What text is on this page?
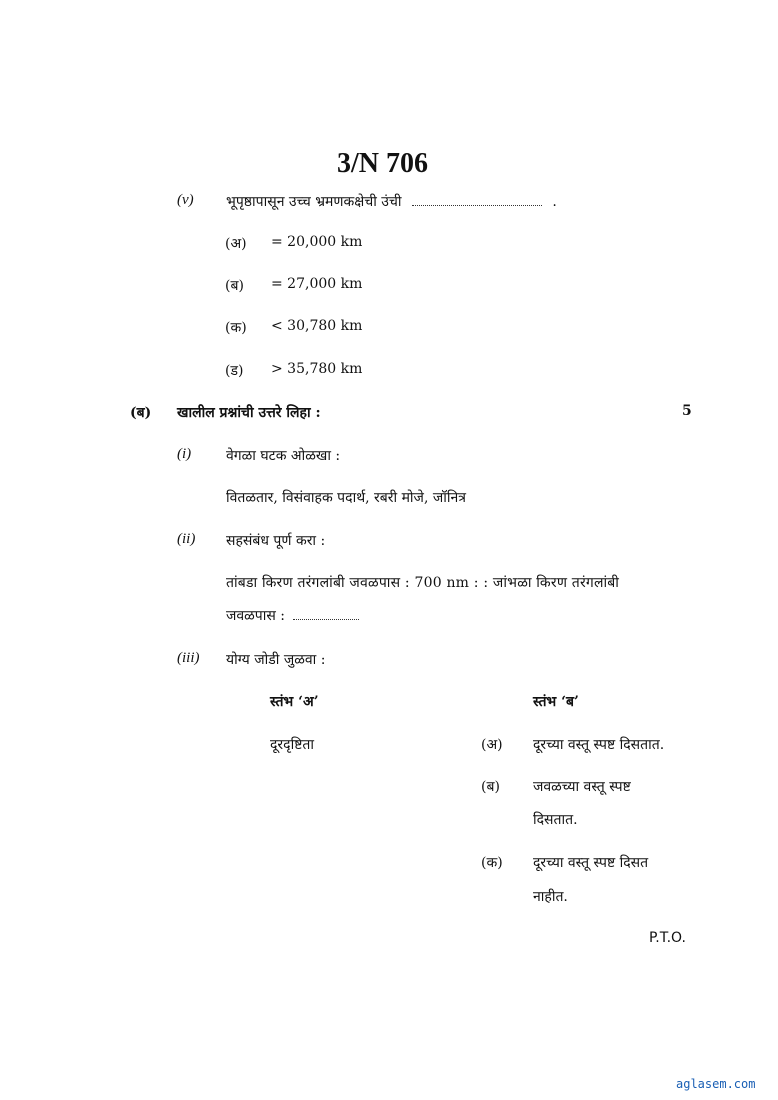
3/N 706
(v) भूपृष्ठापासून उच्च भ्रमणकक्षेची उंची	.
(अ) = 20,000 km
(ब) = 27,000 km
(क) < 30,780 km
(ड) > 35,780 km
(ब) खालील प्रश्नांची उत्तरे लिहा :	5
(i) वेगळा घटक ओळखा :
वितळतार, विसंवाहक पदार्थ, रबरी मोजे, जॉनित्र
(ii) सहसंबंध पूर्ण करा :
तांबडा किरण तरंगलांबी जवळपास : 700 nm : : जांभळा किरण तरंगलांबी
जवळपास :
(iii) योग्य जोडी जुळवा :
स्तंभ ‘अ’	स्तंभ ‘ब’
दूरदृष्टिता	(अ) दूरच्या वस्तू स्पष्ट दिसतात.
(ब) जवळच्या वस्तू स्पष्ट
दिसतात.
(क) दूरच्या वस्तू स्पष्ट दिसत
नाहीत.
P.T.O.
aglasem.com
